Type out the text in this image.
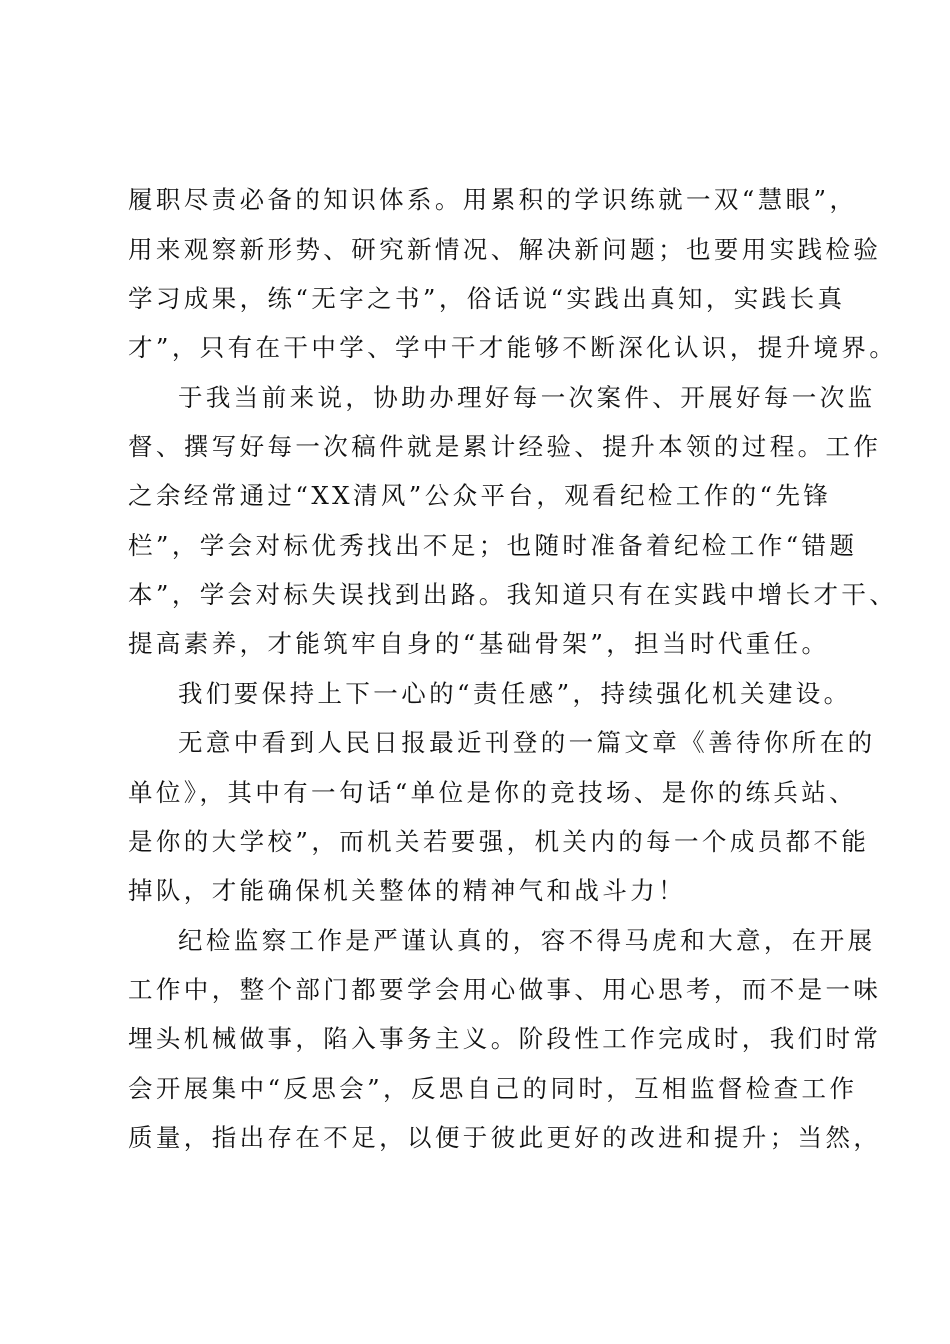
履职尽责必备的知识体系。用累积的学识练就一双“慧眼”，
用来观察新形势、研究新情况、解决新问题；也要用实践检验
学习成果，练“无字之书”，俗话说“实践出真知，实践长真
才”，只有在干中学、学中干才能够不断深化认识，提升境界。
于我当前来说，协助办理好每一次案件、开展好每一次监
督、撰写好每一次稿件就是累计经验、提升本领的过程。工作
之余经常通过“XX清风”公众平台，观看纪检工作的“先锋
栏”，学会对标优秀找出不足；也随时准备着纪检工作“错题
本”，学会对标失误找到出路。我知道只有在实践中增长才干、
提高素养，才能筑牢自身的“基础骨架”，担当时代重任。
我们要保持上下一心的“责任感”，持续强化机关建设。
无意中看到人民日报最近刊登的一篇文章《善待你所在的
单位》，其中有一句话“单位是你的竞技场、是你的练兵站、
是你的大学校”，而机关若要强，机关内的每一个成员都不能
掉队，才能确保机关整体的精神气和战斗力！
纪检监察工作是严谨认真的，容不得马虎和大意，在开展
工作中，整个部门都要学会用心做事、用心思考，而不是一味
埋头机械做事，陷入事务主义。阶段性工作完成时，我们时常
会开展集中“反思会”，反思自己的同时，互相监督检查工作
质量，指出存在不足，以便于彼此更好的改进和提升；当然，
